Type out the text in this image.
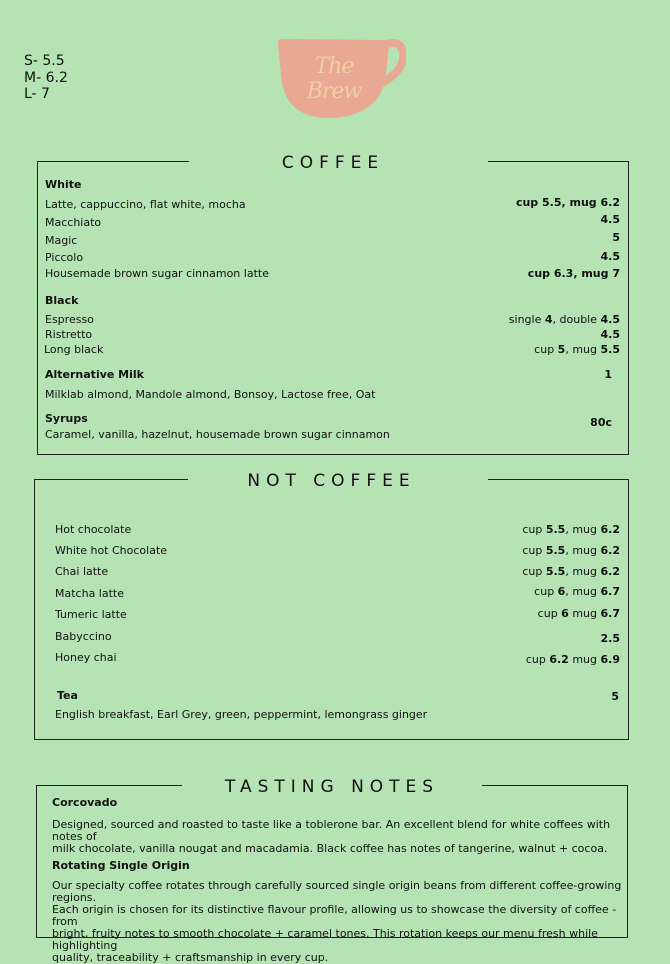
S- 5.5
M- 6.2
L- 7
The Brew
COFFEE
White
Latte, cappuccino, flat white, mocha	cup 5.5, mug 6.2
Macchiato	4.5
Magic	5
Piccolo	4.5
Housemade brown sugar cinnamon latte	cup 6.3, mug 7
Black
Espresso	single 4, double 4.5
Ristretto	4.5
Long black	cup 5, mug 5.5
Alternative Milk	1
Milklab almond, Mandole almond, Bonsoy, Lactose free, Oat
Syrups	80c
Caramel, vanilla, hazelnut, housemade brown sugar cinnamon
NOT COFFEE
Hot chocolate	cup 5.5, mug 6.2
White hot Chocolate	cup 5.5, mug 6.2
Chai latte	cup 5.5, mug 6.2
Matcha latte	cup 6, mug 6.7
Tumeric latte	cup 6 mug 6.7
Babyccino	2.5
Honey chai	cup 6.2 mug 6.9
Tea	5
English breakfast, Earl Grey, green, peppermint, lemongrass ginger
TASTING NOTES
Corcovado
Designed, sourced and roasted to taste like a toblerone bar. An excellent blend for white coffees with notes of
milk chocolate, vanilla nougat and macadamia. Black coffee has notes of tangerine, walnut + cocoa.
Rotating Single Origin
Our specialty coffee rotates through carefully sourced single origin beans from different coffee-growing regions.
Each origin is chosen for its distinctive flavour profile, allowing us to showcase the diversity of coffee - from
bright, fruity notes to smooth chocolate + caramel tones. This rotation keeps our menu fresh while highlighting
quality, traceability + craftsmanship in every cup.
